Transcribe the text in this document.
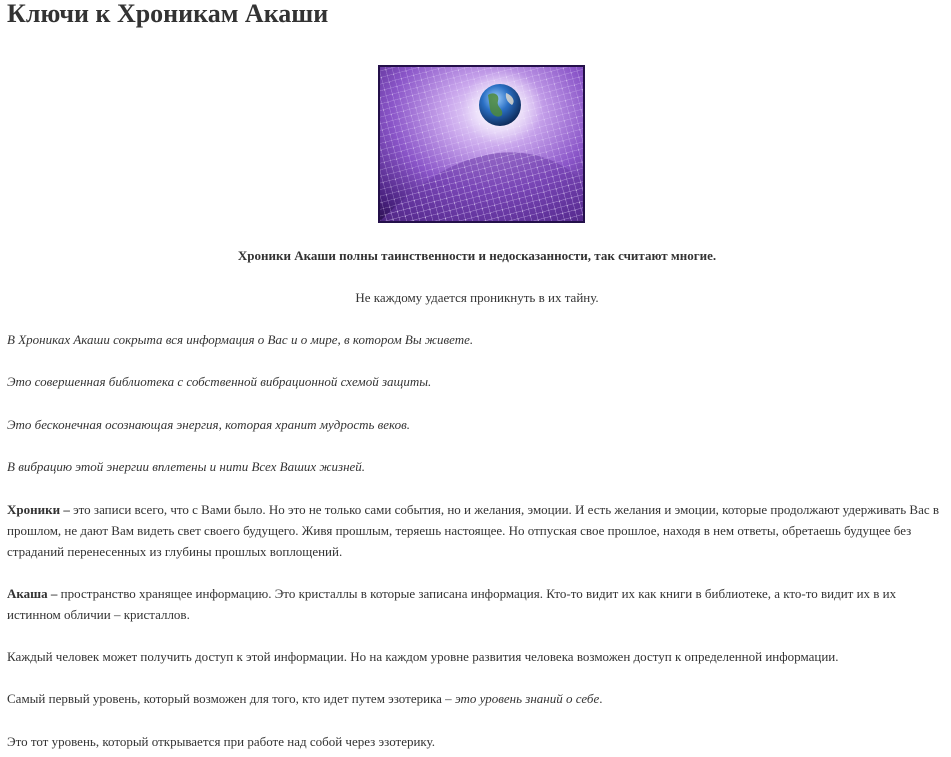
Ключи к Хроникам Акаши

Хроники Акаши полны таинственности и недосказанности, так считают многие.

Не каждому удается проникнуть в их тайну.

В Хрониках Акаши сокрыта вся информация о Вас и о мире, в котором Вы живете.

Это совершенная библиотека с собственной вибрационной схемой защиты.

Это бесконечная осознающая энергия, которая хранит мудрость веков.

В вибрацию этой энергии вплетены и нити Всех Ваших жизней.

Хроники – это записи всего, что с Вами было. Но это не только сами события, но и желания, эмоции. И есть желания и эмоции, которые продолжают удерживать Вас в прошлом, не дают Вам видеть свет своего будущего. Живя прошлым, теряешь настоящее. Но отпуская свое прошлое, находя в нем ответы, обретаешь будущее без страданий перенесенных из глубины прошлых воплощений.

Акаша – пространство хранящее информацию. Это кристаллы в которые записана информация. Кто-то видит их как книги в библиотеке, а кто-то видит их в их истинном обличии – кристаллов.

Каждый человек может получить доступ к этой информации. Но на каждом уровне развития человека возможен доступ к определенной информации.

Самый первый уровень, который возможен для того, кто идет путем эзотерика – это уровень знаний о себе.

Это тот уровень, который открывается при работе над собой через эзотерику.
